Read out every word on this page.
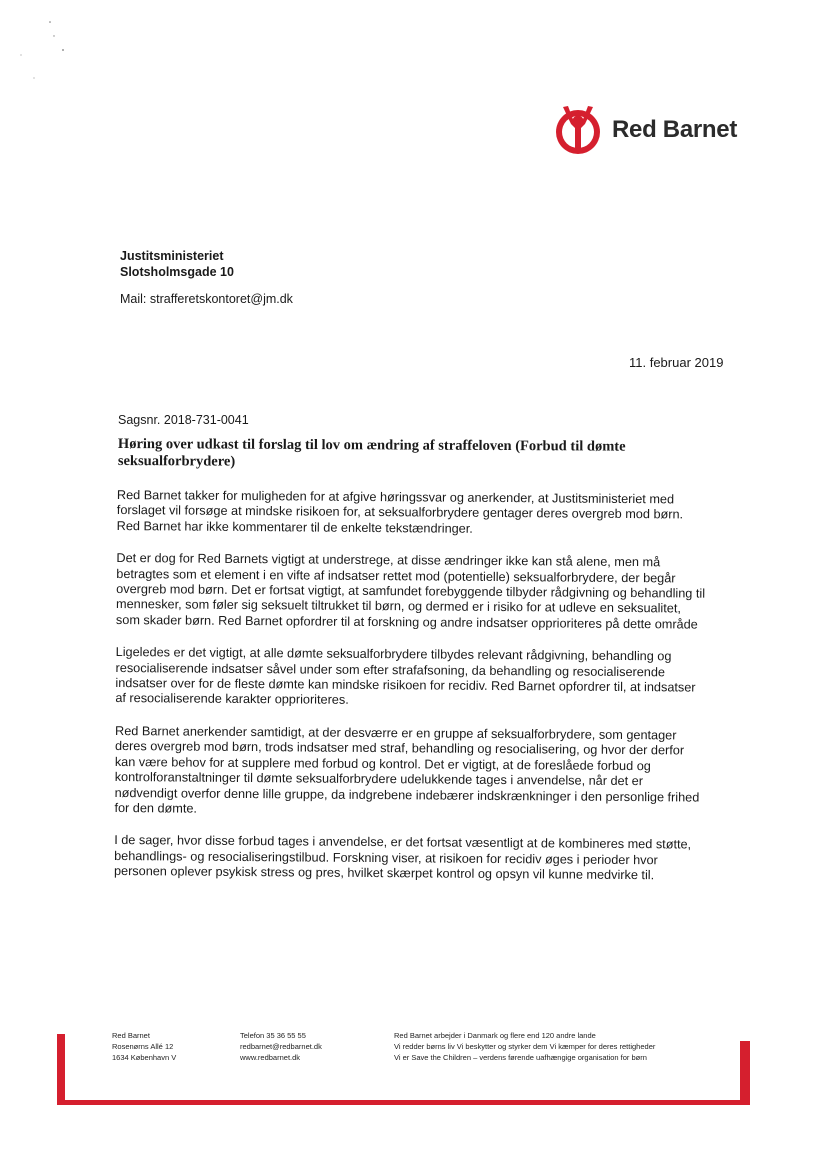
Red Barnet
Justitsministeriet
Slotsholmsgade 10
Mail: strafferetskontoret@jm.dk
11. februar 2019
Sagsnr. 2018-731-0041
Høring over udkast til forslag til lov om ændring af straffeloven (Forbud til dømte seksualforbrydere)

Red Barnet takker for muligheden for at afgive høringssvar og anerkender, at Justitsministeriet med forslaget vil forsøge at mindske risikoen for, at seksualforbrydere gentager deres overgreb mod børn. Red Barnet har ikke kommentarer til de enkelte tekstændringer.

Det er dog for Red Barnets vigtigt at understrege, at disse ændringer ikke kan stå alene, men må betragtes som et element i en vifte af indsatser rettet mod (potentielle) seksualforbrydere, der begår overgreb mod børn. Det er fortsat vigtigt, at samfundet forebyggende tilbyder rådgivning og behandling til mennesker, som føler sig seksuelt tiltrukket til børn, og dermed er i risiko for at udleve en seksualitet, som skader børn. Red Barnet opfordrer til at forskning og andre indsatser opprioriteres på dette område

Ligeledes er det vigtigt, at alle dømte seksualforbrydere tilbydes relevant rådgivning, behandling og resocialiserende indsatser såvel under som efter strafafsoning, da behandling og resocialiserende indsatser over for de fleste dømte kan mindske risikoen for recidiv. Red Barnet opfordrer til, at indsatser af resocialiserende karakter opprioriteres.

Red Barnet anerkender samtidigt, at der desværre er en gruppe af seksualforbrydere, som gentager deres overgreb mod børn, trods indsatser med straf, behandling og resocialisering, og hvor der derfor kan være behov for at supplere med forbud og kontrol. Det er vigtigt, at de foreslåede forbud og kontrolforanstaltninger til dømte seksualforbrydere udelukkende tages i anvendelse, når det er nødvendigt overfor denne lille gruppe, da indgrebene indebærer indskrænkninger i den personlige frihed for den dømte.

I de sager, hvor disse forbud tages i anvendelse, er det fortsat væsentligt at de kombineres med støtte, behandlings- og resocialiseringstilbud. Forskning viser, at risikoen for recidiv øges i perioder hvor personen oplever psykisk stress og pres, hvilket skærpet kontrol og opsyn vil kunne medvirke til.

Red Barnet
Rosenørns Allé 12
1634 København V
Telefon 35 36 55 55
redbarnet@redbarnet.dk
www.redbarnet.dk
Red Barnet arbejder i Danmark og flere end 120 andre lande
Vi redder børns liv Vi beskytter og styrker dem Vi kæmper for deres rettigheder
Vi er Save the Children – verdens førende uafhængige organisation for børn
